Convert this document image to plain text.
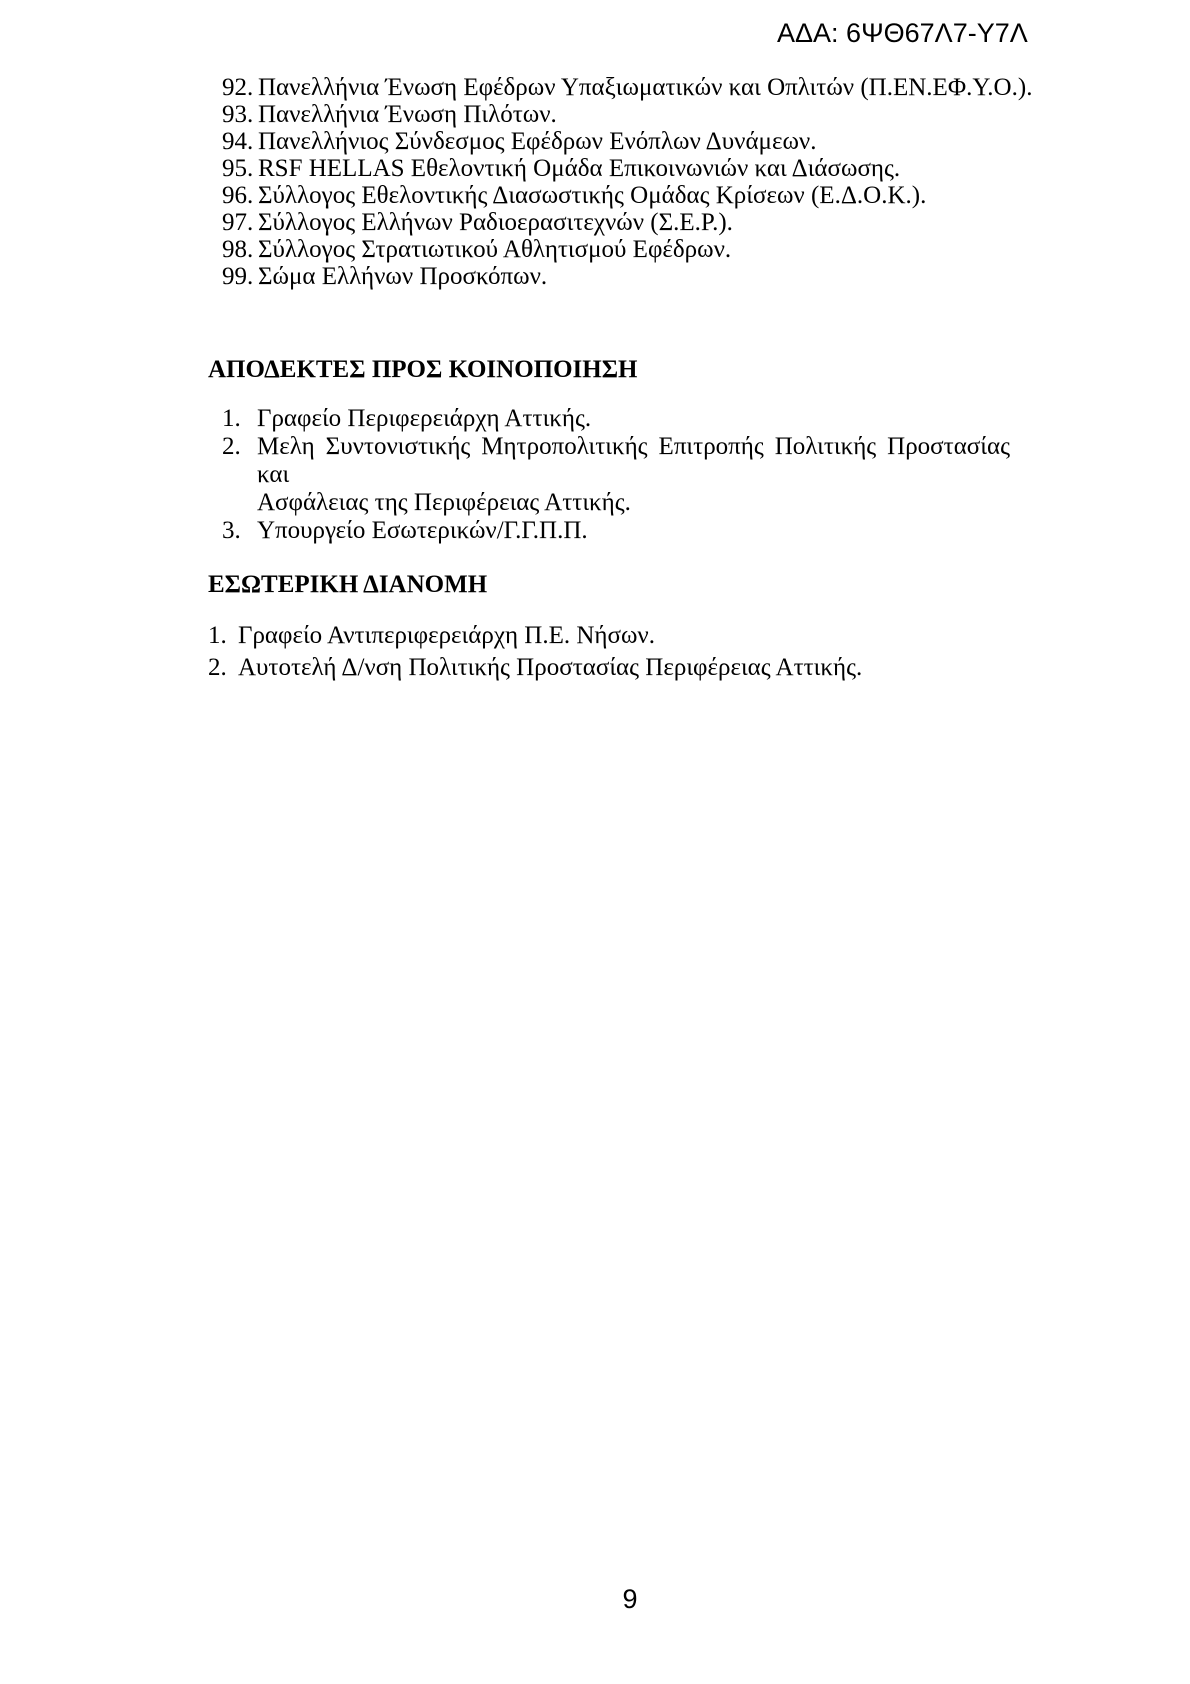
ΑΔΑ: 6ΨΘ67Λ7-Υ7Λ
92. Πανελλήνια Ένωση Εφέδρων Υπαξιωματικών και Οπλιτών (Π.ΕΝ.ΕΦ.Υ.Ο.).
93. Πανελλήνια Ένωση Πιλότων.
94. Πανελλήνιος Σύνδεσμος Εφέδρων Ενόπλων Δυνάμεων.
95. RSF HELLAS Εθελοντική Ομάδα Επικοινωνιών και Διάσωσης.
96. Σύλλογος Εθελοντικής Διασωστικής Ομάδας Κρίσεων (Ε.Δ.Ο.Κ.).
97. Σύλλογος Ελλήνων Ραδιοερασιτεχνών (Σ.Ε.Ρ.).
98. Σύλλογος Στρατιωτικού Αθλητισμού Εφέδρων.
99. Σώμα Ελλήνων Προσκόπων.
ΑΠΟΔΕΚΤΕΣ ΠΡΟΣ ΚΟΙΝΟΠΟΙΗΣΗ
1. Γραφείο Περιφερειάρχη Αττικής.
2. Μελη Συντονιστικής Μητροπολιτικής Επιτροπής Πολιτικής Προστασίας και
Ασφάλειας της Περιφέρειας Αττικής.
3. Υπουργείο Εσωτερικών/Γ.Γ.Π.Π.
ΕΣΩΤΕΡΙΚΗ ΔΙΑΝΟΜΗ
1. Γραφείο Αντιπεριφερειάρχη Π.Ε. Νήσων.
2. Αυτοτελή Δ/νση Πολιτικής Προστασίας Περιφέρειας Αττικής.
9
